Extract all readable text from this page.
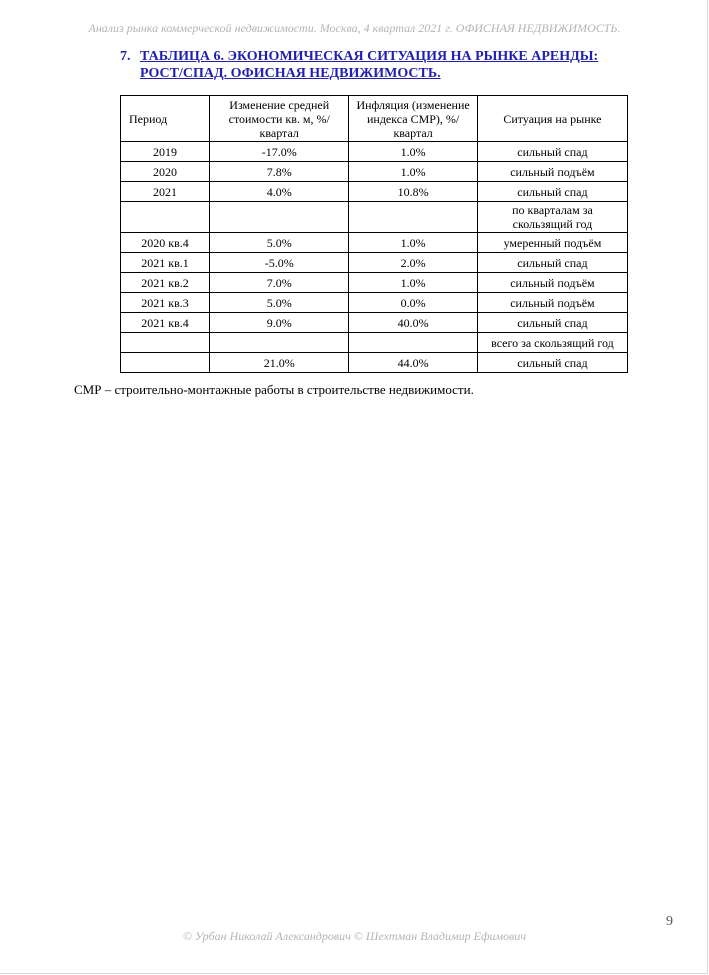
Анализ рынка коммерческой недвижимости. Москва, 4 квартал 2021 г. ОФИСНАЯ НЕДВИЖИМОСТЬ.
7. ТАБЛИЦА 6. ЭКОНОМИЧЕСКАЯ СИТУАЦИЯ НА РЫНКЕ АРЕНДЫ: РОСТ/СПАД. ОФИСНАЯ НЕДВИЖИМОСТЬ.
Период	Изменение средней стоимости кв. м, %/ квартал	Инфляция (изменение индекса СМР), %/ квартал	Ситуация на рынке
2019	-17.0%	1.0%	сильный спад
2020	7.8%	1.0%	сильный подъём
2021	4.0%	10.8%	сильный спад
			по кварталам за скользящий год
2020 кв.4	5.0%	1.0%	умеренный подъём
2021 кв.1	-5.0%	2.0%	сильный спад
2021 кв.2	7.0%	1.0%	сильный подъём
2021 кв.3	5.0%	0.0%	сильный подъём
2021 кв.4	9.0%	40.0%	сильный спад
			всего за скользящий год
	21.0%	44.0%	сильный спад
СМР – строительно-монтажные работы в строительстве недвижимости.
9
© Урбан Николай Александрович © Шехтман Владимир Ефимович
